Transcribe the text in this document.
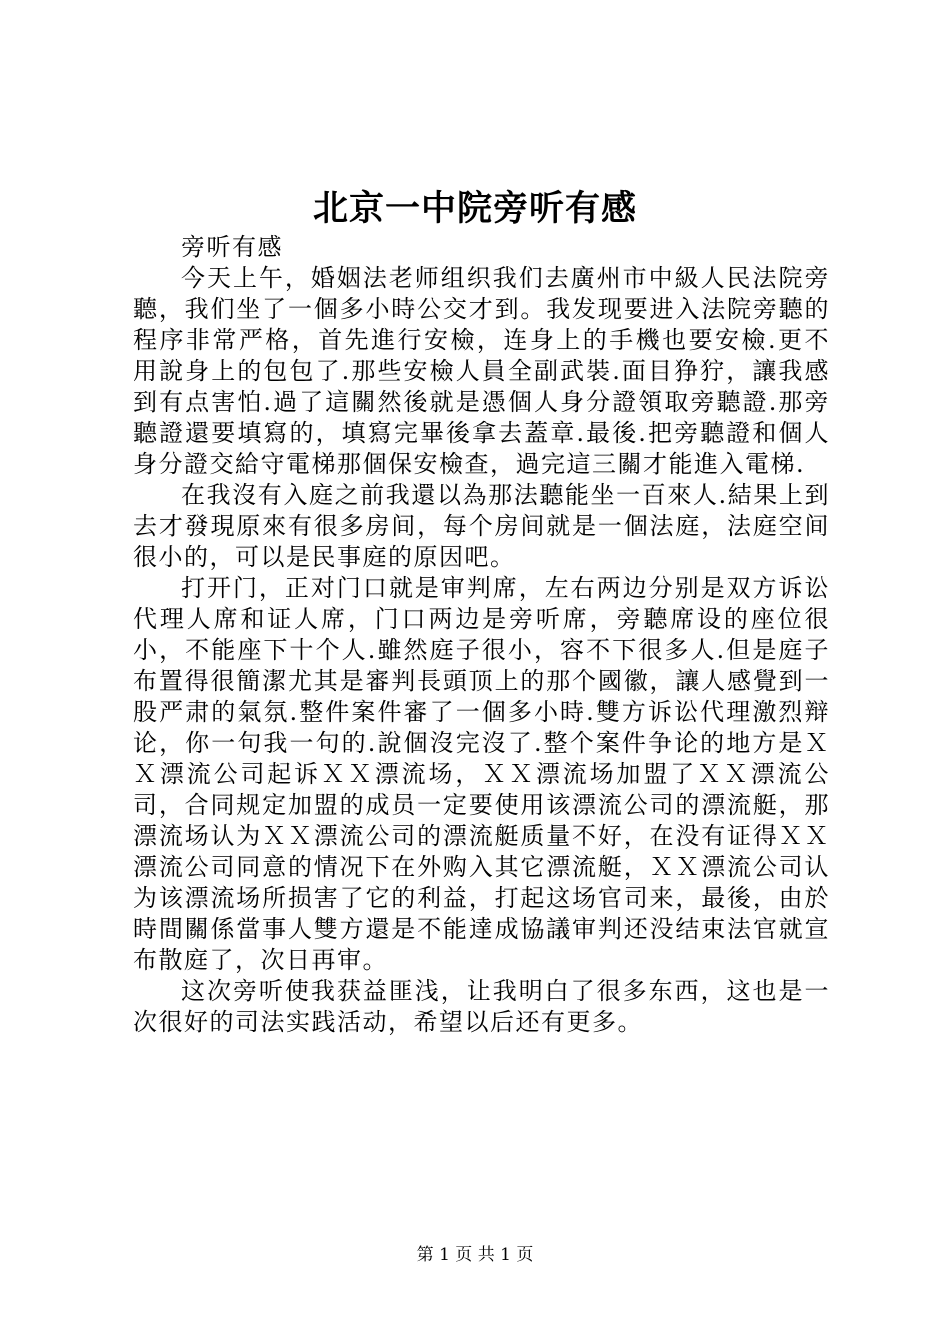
北京一中院旁听有感

旁听有感

今天上午，婚姻法老师组织我们去廣州市中級人民法院旁聽，我们坐了一個多小時公交才到。我发现要进入法院旁聽的程序非常严格，首先進行安檢，连身上的手機也要安檢.更不用說身上的包包了.那些安檢人員全副武裝.面目狰狞，讓我感到有点害怕.過了這關然後就是憑個人身分證領取旁聽證.那旁聽證還要填寫的，填寫完畢後拿去蓋章.最後.把旁聽證和個人身分證交給守電梯那個保安檢查，過完這三關才能進入電梯.

在我沒有入庭之前我還以為那法聽能坐一百來人.結果上到去才發現原來有很多房间，每个房间就是一個法庭，法庭空间很小的，可以是民事庭的原因吧。

打开门，正对门口就是审判席，左右两边分别是双方诉讼代理人席和证人席，门口两边是旁听席，旁聽席设的座位很小，不能座下十个人.雖然庭子很小，容不下很多人.但是庭子布置得很簡潔尤其是審判長頭顶上的那个國徽，讓人感覺到一股严肃的氣氛.整件案件審了一個多小時.雙方诉讼代理激烈辩论，你一句我一句的.說個沒完沒了.整个案件争论的地方是ＸＸ漂流公司起诉ＸＸ漂流场，ＸＸ漂流场加盟了ＸＸ漂流公司，合同规定加盟的成员一定要使用该漂流公司的漂流艇，那漂流场认为ＸＸ漂流公司的漂流艇质量不好，在没有证得ＸＸ漂流公司同意的情况下在外购入其它漂流艇，ＸＸ漂流公司认为该漂流场所损害了它的利益，打起这场官司来，最後，由於時間關係當事人雙方還是不能達成協議审判还没结束法官就宣布散庭了，次日再审。

这次旁听使我获益匪浅，让我明白了很多东西，这也是一次很好的司法实践活动，希望以后还有更多。

第 1 页 共 1 页
